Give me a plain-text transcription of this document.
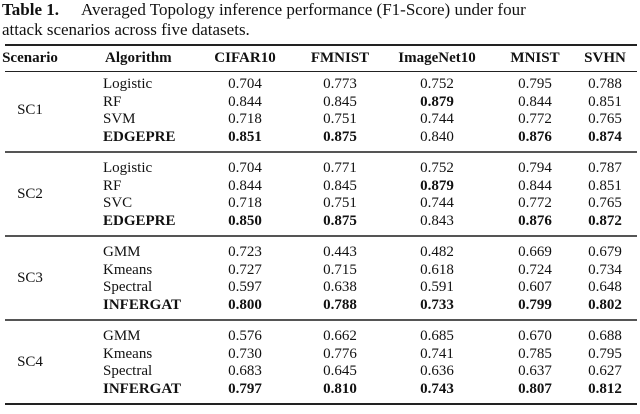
Table 1. Averaged Topology inference performance (F1-Score) under four
attack scenarios across five datasets.
Scenario	Algorithm	CIFAR10 FMNIST ImageNet10 MNIST SVHN
SC1
Logistic	0.704	0.773	0.752	0.795 0.788
RF	0.844	0.845	0.879	0.844 0.851
SVM	0.718	0.751	0.744	0.772 0.765
EDGEPRE	0.851	0.875	0.840	0.876 0.874
SC2
Logistic	0.704	0.771	0.752	0.794 0.787
RF	0.844	0.845	0.879	0.844 0.851
SVC	0.718	0.751	0.744	0.772 0.765
EDGEPRE	0.850	0.875	0.843	0.876 0.872
SC3
GMM	0.723	0.443	0.482	0.669 0.679
Kmeans	0.727	0.715	0.618	0.724 0.734
Spectral	0.597	0.638	0.591	0.607 0.648
INFERGAT	0.800	0.788	0.733	0.799 0.802
SC4
GMM	0.576	0.662	0.685	0.670 0.688
Kmeans	0.730	0.776	0.741	0.785 0.795
Spectral	0.683	0.645	0.636	0.637 0.627
INFERGAT	0.797	0.810	0.743	0.807 0.812
